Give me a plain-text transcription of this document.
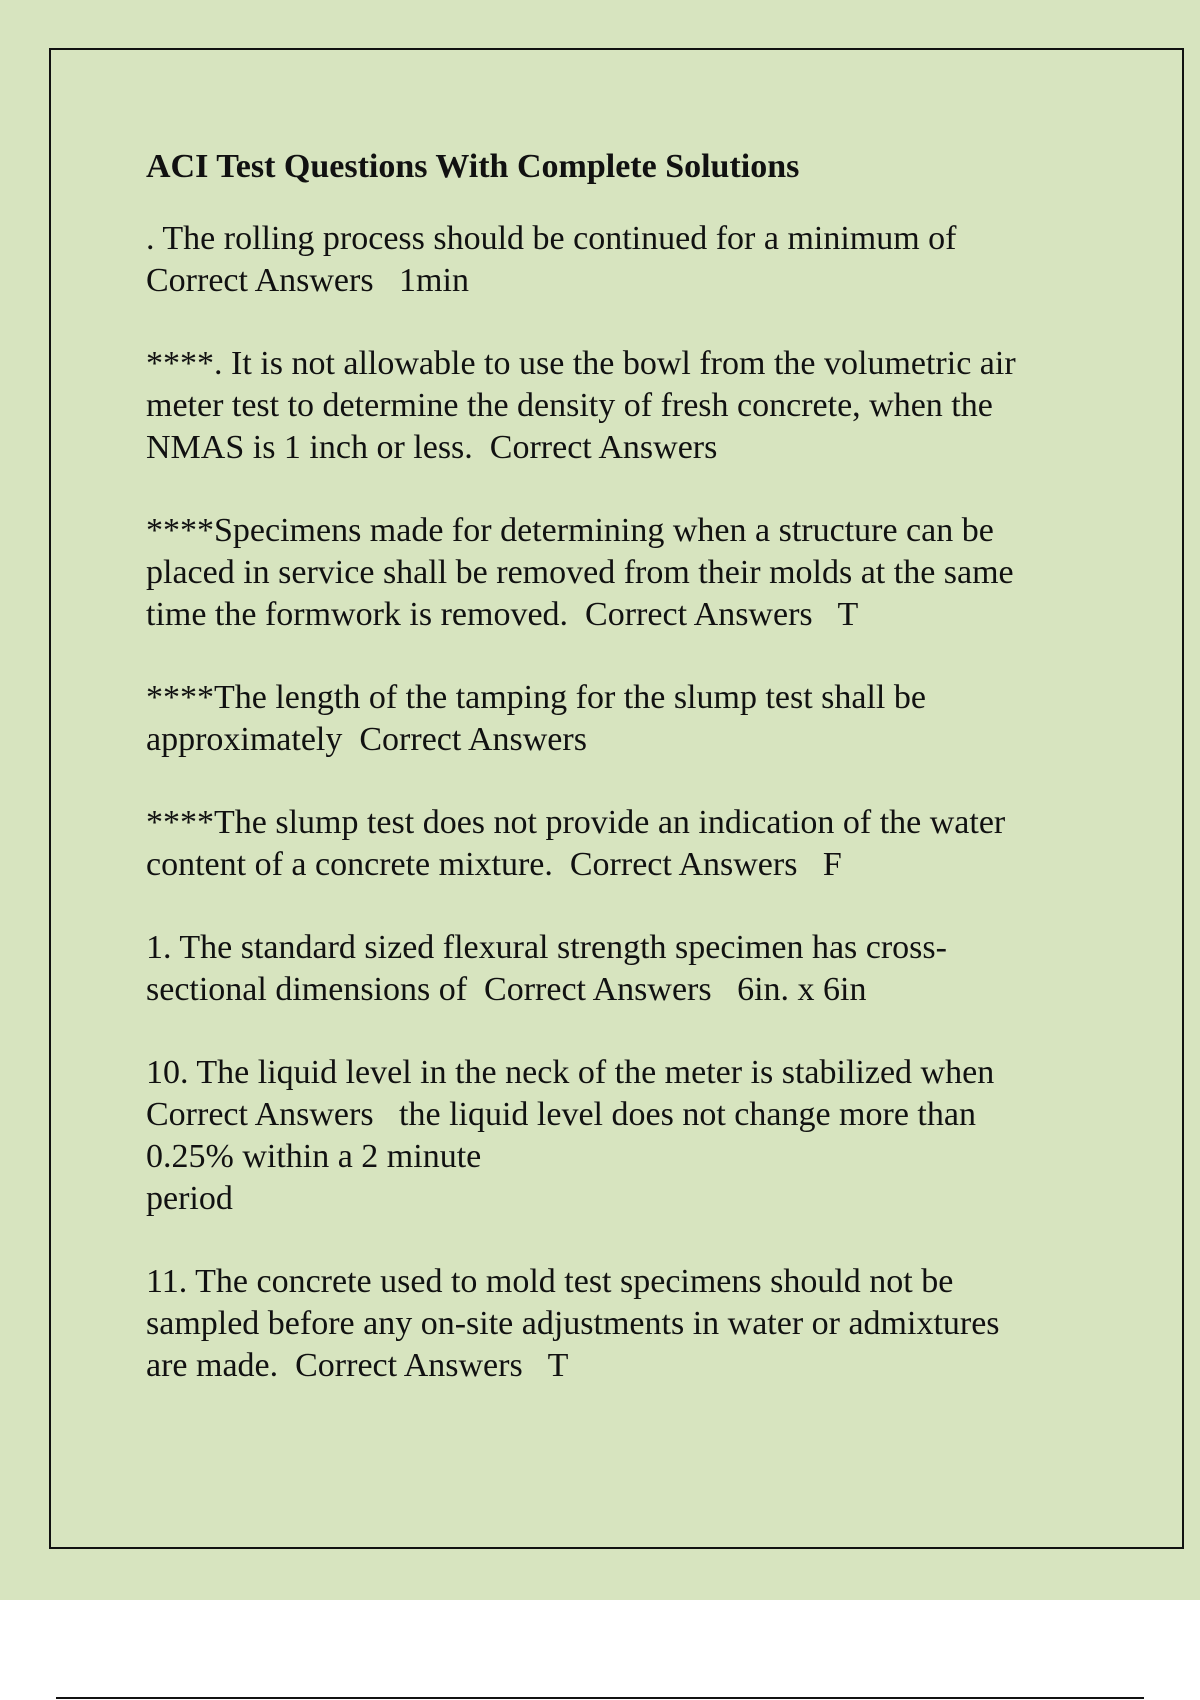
ACI Test Questions With Complete Solutions
. The rolling process should be continued for a minimum of
Correct Answers   1min
****. It is not allowable to use the bowl from the volumetric air
meter test to determine the density of fresh concrete, when the
NMAS is 1 inch or less.  Correct Answers
****Specimens made for determining when a structure can be
placed in service shall be removed from their molds at the same
time the formwork is removed.  Correct Answers   T
****The length of the tamping for the slump test shall be
approximately  Correct Answers
****The slump test does not provide an indication of the water
content of a concrete mixture.  Correct Answers   F
1. The standard sized flexural strength specimen has cross-
sectional dimensions of  Correct Answers   6in. x 6in
10. The liquid level in the neck of the meter is stabilized when
Correct Answers   the liquid level does not change more than
0.25% within a 2 minute
period
11. The concrete used to mold test specimens should not be
sampled before any on-site adjustments in water or admixtures
are made.  Correct Answers   T
